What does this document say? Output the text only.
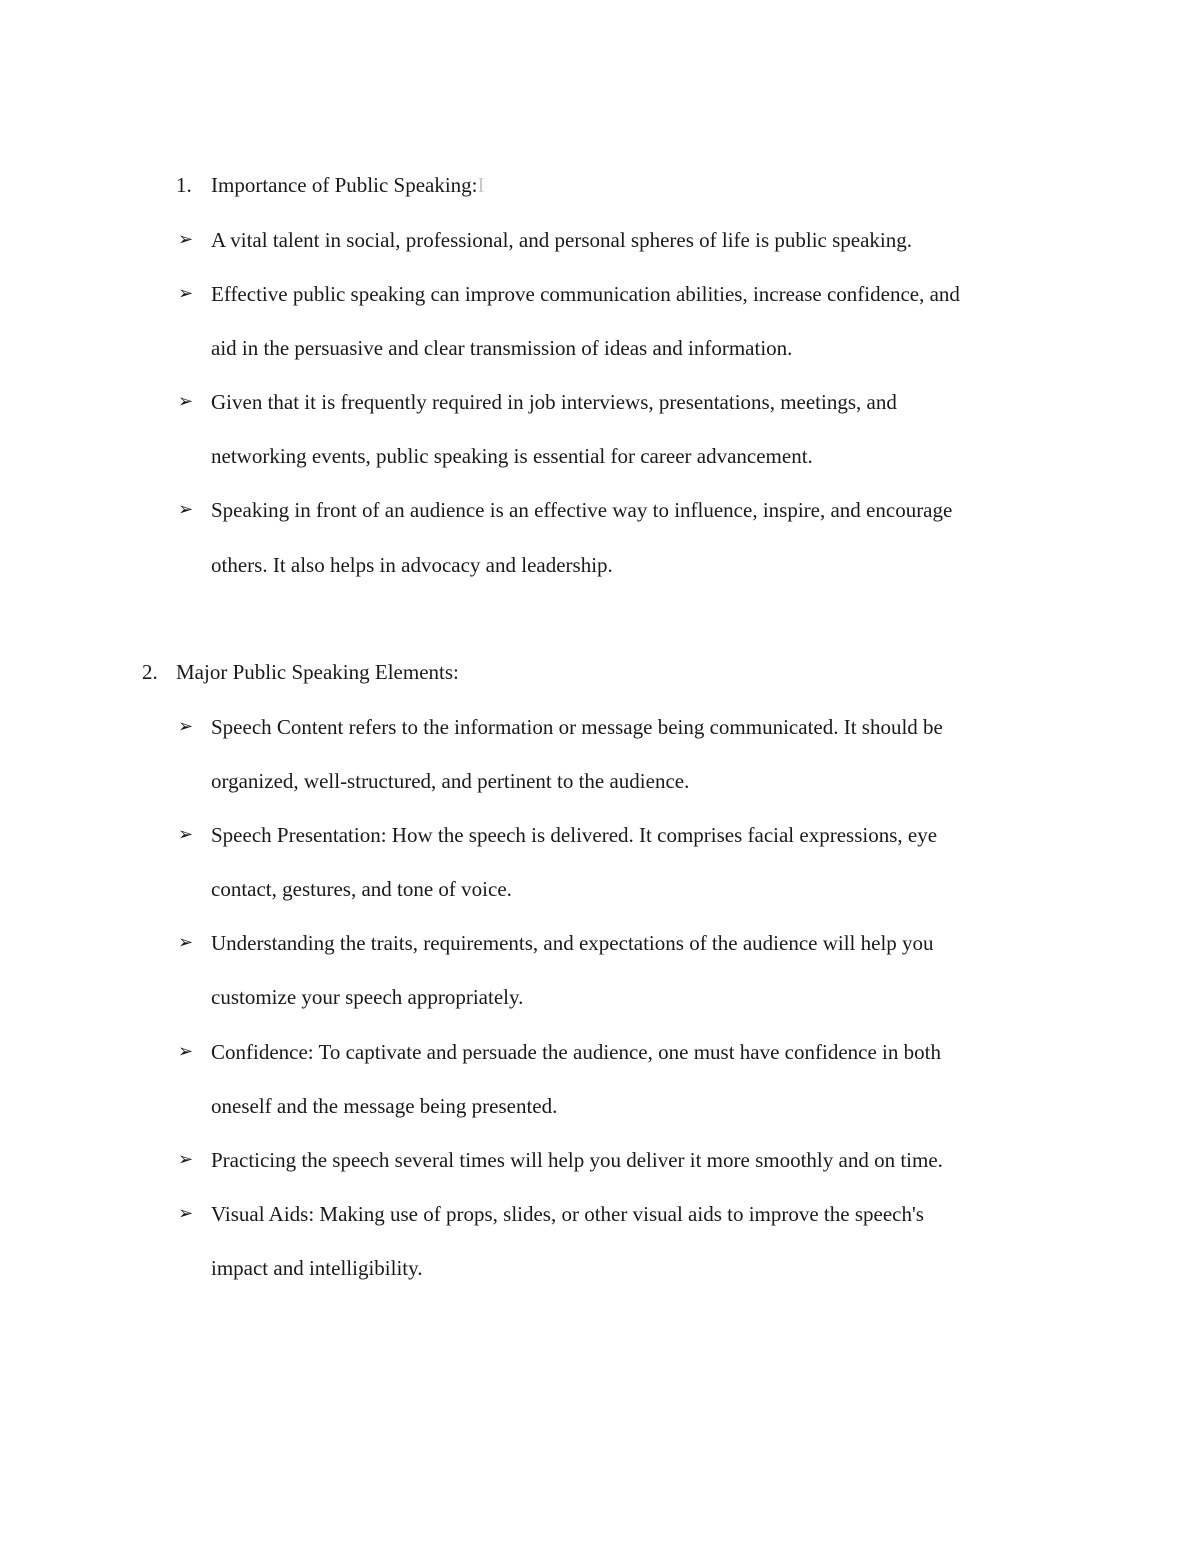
1. Importance of Public Speaking:I
➢ A vital talent in social, professional, and personal spheres of life is public speaking.
➢ Effective public speaking can improve communication abilities, increase confidence, and
aid in the persuasive and clear transmission of ideas and information.
➢ Given that it is frequently required in job interviews, presentations, meetings, and
networking events, public speaking is essential for career advancement.
➢ Speaking in front of an audience is an effective way to influence, inspire, and encourage
others. It also helps in advocacy and leadership.
2. Major Public Speaking Elements:
➢ Speech Content refers to the information or message being communicated. It should be
organized, well-structured, and pertinent to the audience.
➢ Speech Presentation: How the speech is delivered. It comprises facial expressions, eye
contact, gestures, and tone of voice.
➢ Understanding the traits, requirements, and expectations of the audience will help you
customize your speech appropriately.
➢ Confidence: To captivate and persuade the audience, one must have confidence in both
oneself and the message being presented.
➢ Practicing the speech several times will help you deliver it more smoothly and on time.
➢ Visual Aids: Making use of props, slides, or other visual aids to improve the speech's
impact and intelligibility.
